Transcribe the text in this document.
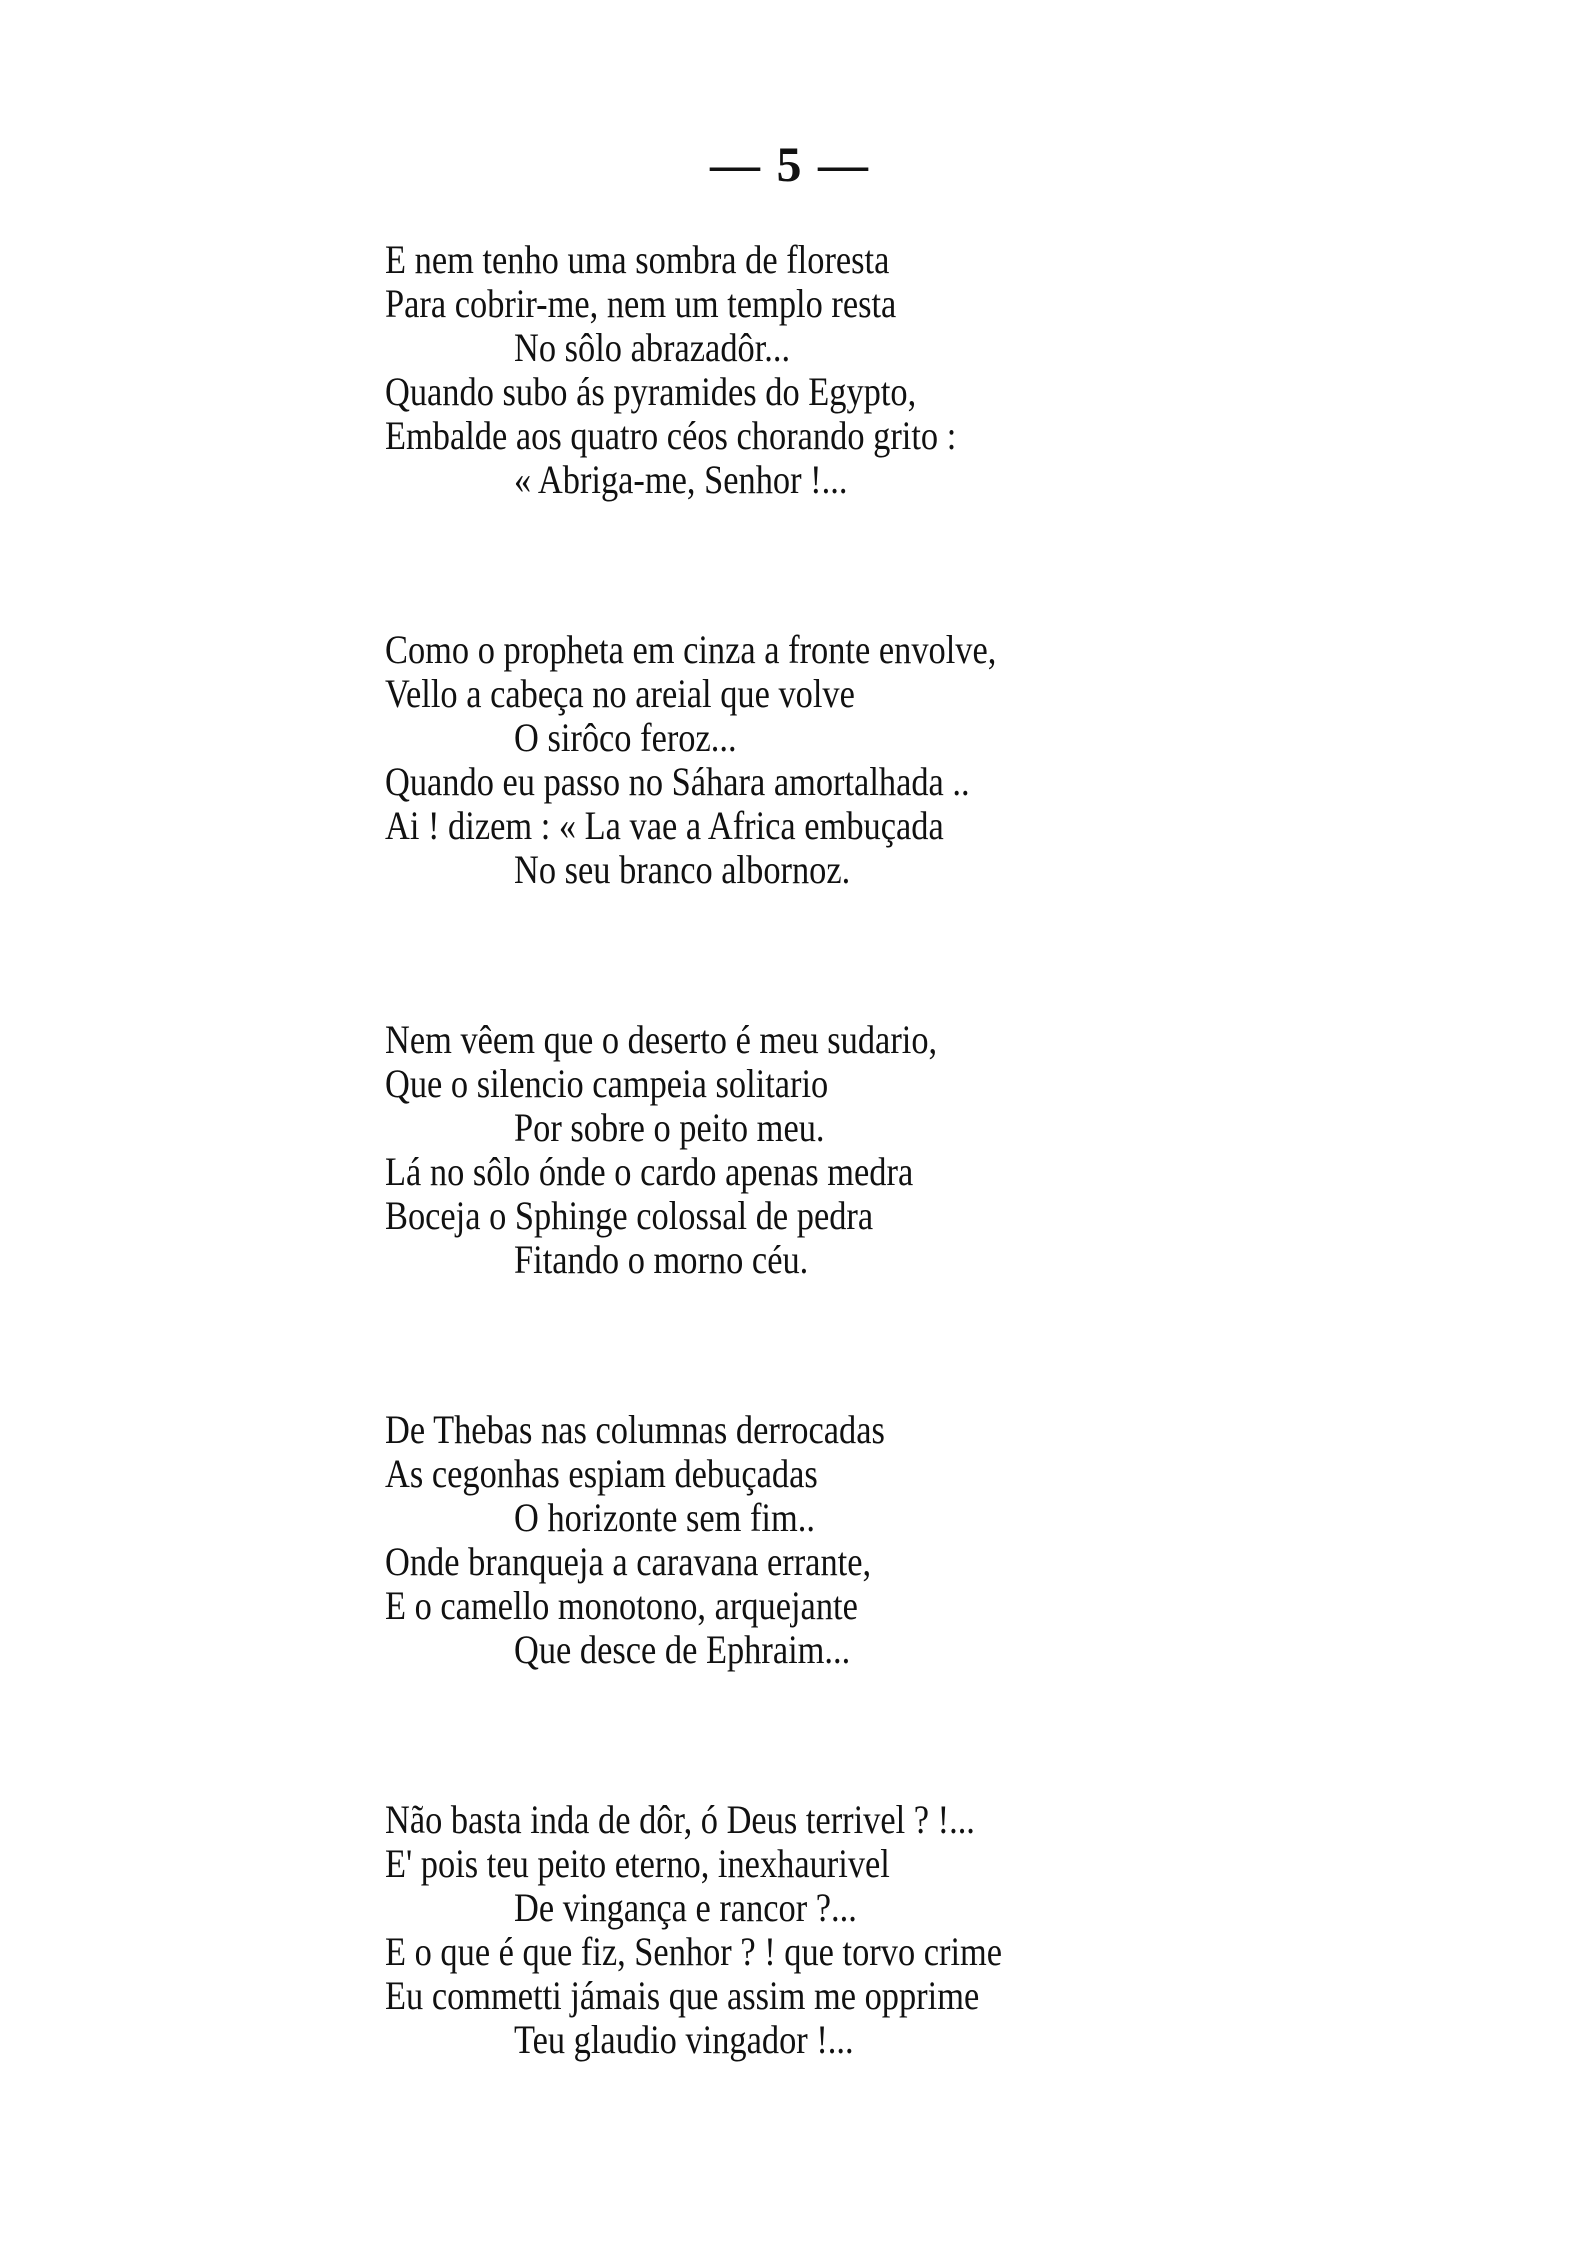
— 5 —
E nem tenho uma sombra de floresta
Para cobrir-me, nem um templo resta
No sôlo abrazadôr...
Quando subo ás pyramides do Egypto,
Embalde aos quatro céos chorando grito :
« Abriga-me, Senhor !...
Como o propheta em cinza a fronte envolve,
Vello a cabeça no areial que volve
O sirôco feroz...
Quando eu passo no Sáhara amortalhada ..
Ai ! dizem : « La vae a Africa embuçada
No seu branco albornoz.
Nem vêem que o deserto é meu sudario,
Que o silencio campeia solitario
Por sobre o peito meu.
Lá no sôlo ónde o cardo apenas medra
Boceja o Sphinge colossal de pedra
Fitando o morno céu.
De Thebas nas columnas derrocadas
As cegonhas espiam debuçadas
O horizonte sem fim..
Onde branqueja a caravana errante,
E o camello monotono, arquejante
Que desce de Ephraim...
Não basta inda de dôr, ó Deus terrivel ? !...
E' pois teu peito eterno, inexhaurivel
De vingança e rancor ?...
E o que é que fiz, Senhor ? ! que torvo crime
Eu commetti jámais que assim me opprime
Teu glaudio vingador !...
